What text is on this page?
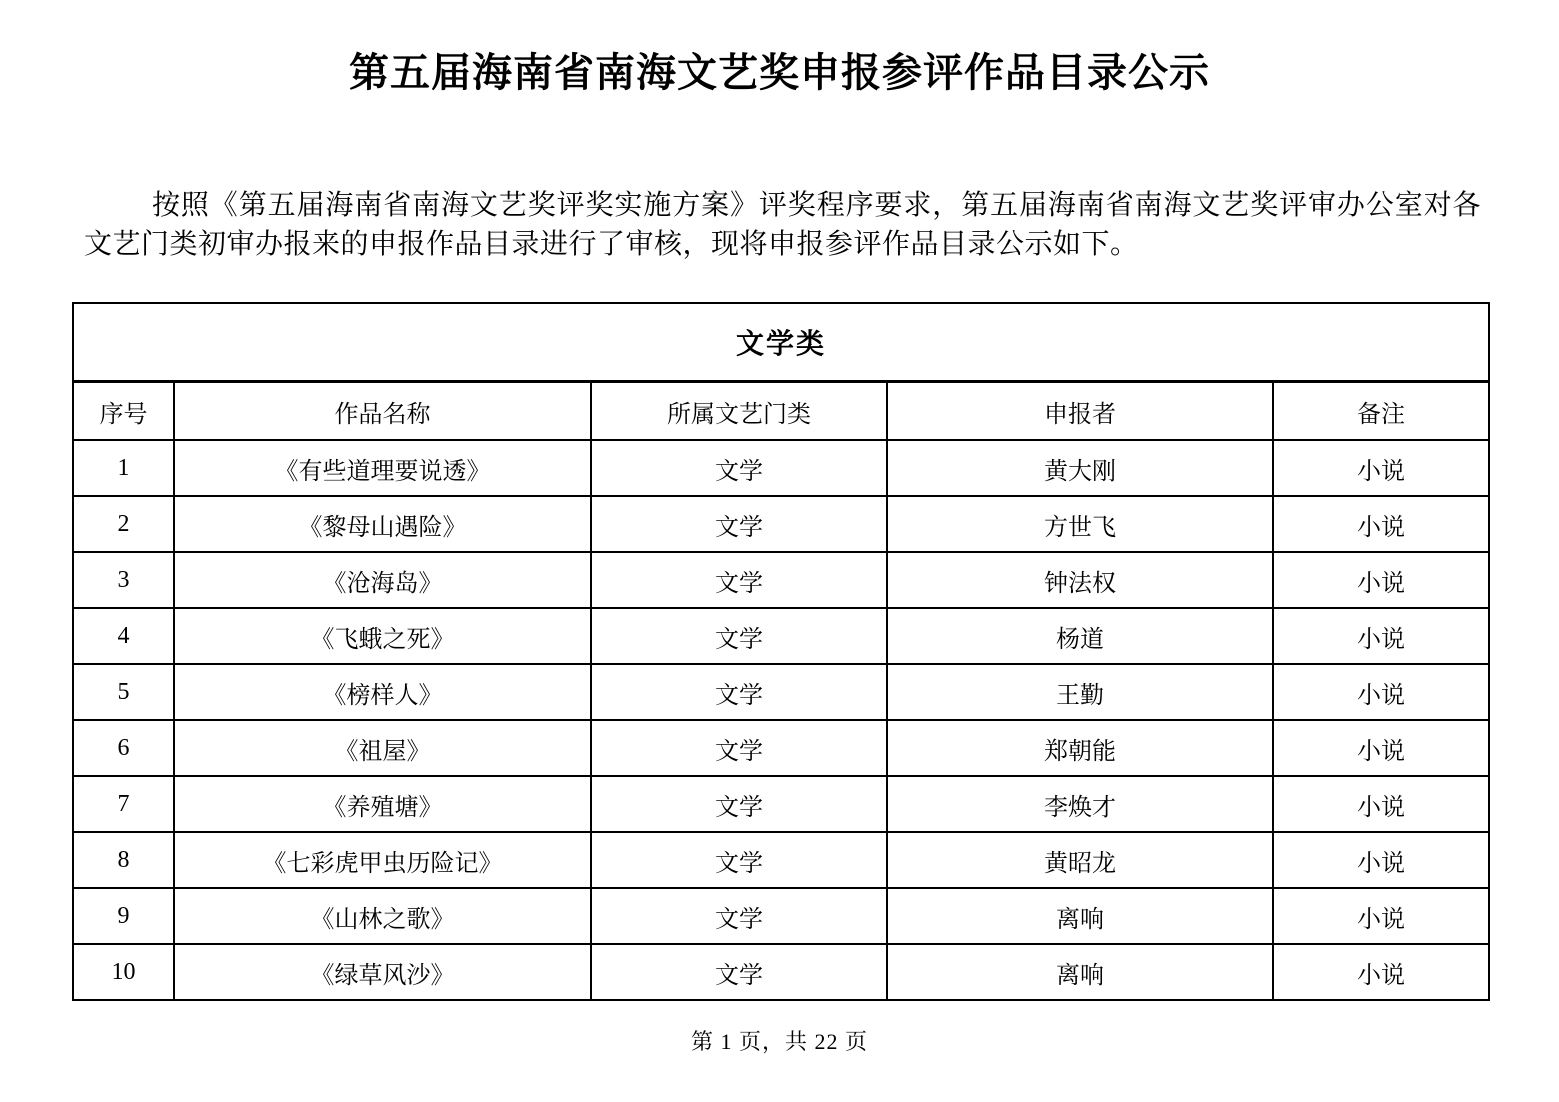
第五届海南省南海文艺奖申报参评作品目录公示

按照《第五届海南省南海文艺奖评奖实施方案》评奖程序要求，第五届海南省南海文艺奖评审办公室对各文艺门类初审办报来的申报作品目录进行了审核，现将申报参评作品目录公示如下。

文学类				
序号	作品名称	所属文艺门类	申报者	备注
1	《有些道理要说透》	文学	黄大刚	小说
2	《黎母山遇险》	文学	方世飞	小说
3	《沧海岛》	文学	钟法权	小说
4	《飞蛾之死》	文学	杨道	小说
5	《榜样人》	文学	王勤	小说
6	《祖屋》	文学	郑朝能	小说
7	《养殖塘》	文学	李焕才	小说
8	《七彩虎甲虫历险记》	文学	黄昭龙	小说
9	《山林之歌》	文学	离响	小说
10	《绿草风沙》	文学	离响	小说
第 1 页，共 22 页
